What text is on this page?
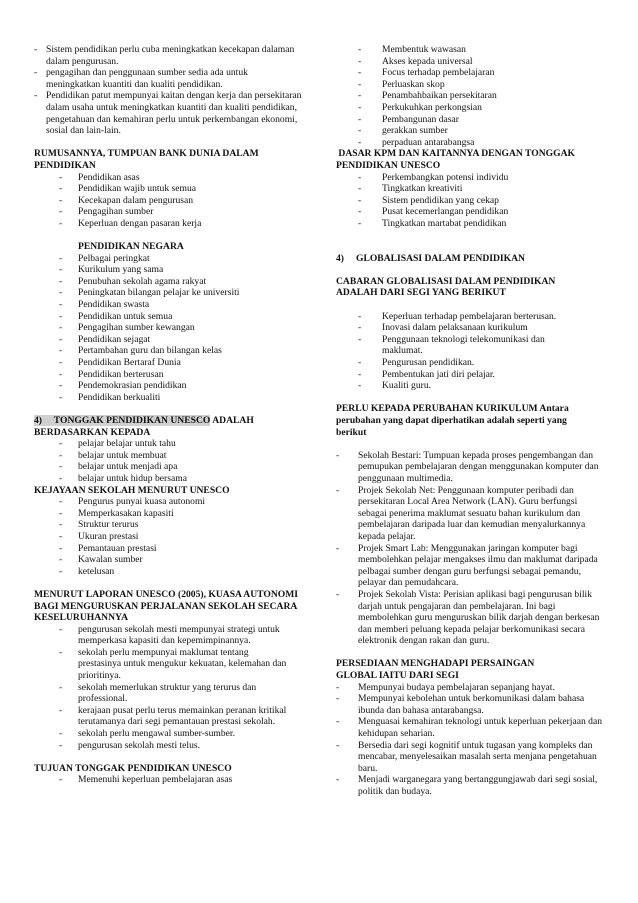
- Sistem pendidikan perlu cuba meningkatkan kecekapan dalaman dalam pengurusan.
- pengagihan dan penggunaan sumber sedia ada untuk meningkatkan kuantiti dan kualiti pendidikan.
- Pendidikan patut mempunyai kaitan dengan kerja dan persekitaran dalam usaha untuk meningkatkan kuantiti dan kualiti pendidikan, pengetahuan dan kemahiran perlu untuk perkembangan ekonomi, sosial dan lain-lain.
RUMUSANNYA, TUMPUAN BANK DUNIA DALAM PENDIDIKAN
- Pendidikan asas
- Pendidikan wajib untuk semua
- Kecekapan dalam pengurusan
- Pengagihan sumber
- Keperluan dengan pasaran kerja
PENDIDIKAN NEGARA
- Pelbagai peringkat
- Kurikulum yang sama
- Penubuhan sekolah agama rakyat
- Peningkatan bilangan pelajar ke universiti
- Pendidikan swasta
- Pendidikan untuk semua
- Pengagihan sumber kewangan
- Pendidikan sejagat
- Pertambahan guru dan bilangan kelas
- Pendidikan Bertaraf Dunia
- Pendidikan berterusan
- Pendemokrasian pendidikan
- Pendidikan berkualiti
4)     TONGGAK PENDIDIKAN UNESCO ADALAH
BERDASARKAN KEPADA
- pelajar belajar untuk tahu
- belajar untuk membuat
- belajar untuk menjadi apa
- belajar untuk hidup bersama
KEJAYAAN SEKOLAH MENURUT UNESCO
- Pengurus punyai kuasa autonomi
- Memperkasakan kapasiti
- Struktur terurus
- Ukuran prestasi
- Pemantauan prestasi
- Kawalan sumber
- ketelusan
MENURUT LAPORAN UNESCO (2005), KUASA AUTONOMI BAGI MENGURUSKAN PERJALANAN SEKOLAH SECARA KESELURUHANNYA
- pengurusan sekolah mesti mempunyai strategi untuk memperkasa kapasiti dan kepemimpinannya.
- sekolah perlu mempunyai maklumat tentang prestasinya untuk mengukur kekuatan, kelemahan dan prioritinya.
- sekolah memerlukan struktur yang terurus dan professional.
- kerajaan pusat perlu terus memainkan peranan kritikal terutamanya dari segi pemantauan prestasi sekolah.
- sekolah perlu mengawal sumber-sumber.
- pengurusan sekolah mesti telus.
TUJUAN TONGGAK PENDIDIKAN UNESCO
- Memenuhi keperluan pembelajaran asas
- Membentuk wawasan
- Akses kepada universal
- Focus terhadap pembelajaran
- Perluaskan skop
- Penambahbaikan persekitaran
- Perkukuhkan perkongsian
- Pembangunan dasar
- gerakkan sumber
- perpaduan antarabangsa
DASAR KPM DAN KAITANNYA DENGAN TONGGAK PENDIDIKAN UNESCO
- Perkembangkan potensi individu
- Tingkatkan kreativiti
- Sistem pendidikan yang cekap
- Pusat kecemerlangan pendidikan
- Tingkatkan martabat pendidikan
4)     GLOBALISASI DALAM PENDIDIKAN
CABARAN GLOBALISASI DALAM PENDIDIKAN ADALAH DARI SEGI YANG BERIKUT
- Keperluan terhadap pembelajaran berterusan.
- Inovasi dalam pelaksanaan kurikulum
- Penggunaan teknologi telekomunikasi dan maklumat.
- Pengurusan pendidikan.
- Pembentukan jati diri pelajar.
- Kualiti guru.
PERLU KEPADA PERUBAHAN KURIKULUM Antara perubahan yang dapat diperhatikan adalah seperti yang berikut
- Sekolah Bestari: Tumpuan kepada proses pengembangan dan pemupukan pembelajaran dengan menggunakan komputer dan penggunaan multimedia.
- Projek Sekolah Net: Penggunaan komputer peribadi dan persekitaran Local Area Network (LAN). Guru berfungsi sebagai penerima maklumat sesuatu bahan kurikulum dan pembelajaran daripada luar dan kemudian menyalurkannya kepada pelajar.
- Projek Smart Lab: Menggunakan jaringan komputer bagi membolehkan pelajar mengakses ilmu dan maklumat daripada pelbagai sumber dengan guru berfungsi sebagai pemandu, pelayar dan pemudahcara.
- Projek Sekolah Vista: Perisian aplikasi bagi pengurusan bilik darjah untuk pengajaran dan pembelajaran. Ini bagi membolehkan guru menguruskan bilik darjah dengan berkesan dan memberi peluang kepada pelajar berkomunikasi secara elektronik dengan rakan dan guru.
PERSEDIAAN MENGHADAPI PERSAINGAN GLOBAL IAITU DARI SEGI
- Mempunyai budaya pembelajaran sepanjang hayat.
- Mempunyai kebolehan untuk berkomunikasi dalam bahasa ibunda dan bahasa antarabangsa.
- Menguasai kemahiran teknologi untuk keperluan pekerjaan dan kehidupan seharian.
- Bersedia dari segi kognitif untuk tugasan yang kompleks dan mencabar, menyelesaikan masalah serta menjana pengetahuan baru.
- Menjadi warganegara yang bertanggungjawab dari segi sosial, politik dan budaya.
